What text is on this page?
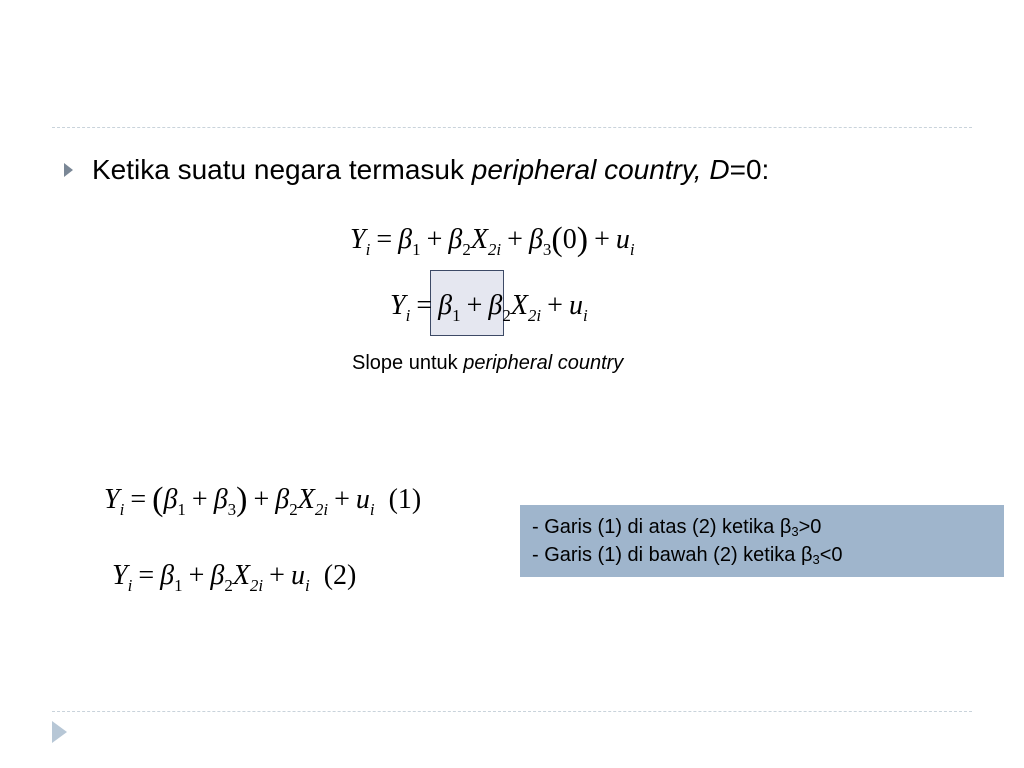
Ketika suatu negara termasuk peripheral country, D=0:
$Y_i = \beta_1 + \beta_2X_{2i} + \beta_3(0) + u_i$
$Y_i = \beta_1 + \beta_2X_{2i} + u_i$
Slope untuk peripheral country
$Y_i = (\beta_1 + \beta_3) + \beta_2X_{2i} + u_i$ (1)
$Y_i = \beta_1 + \beta_2X_{2i} + u_i$ (2)
- Garis (1) di atas (2) ketika $\beta_3>0$
- Garis (1) di bawah (2) ketika $\beta_3<0$
